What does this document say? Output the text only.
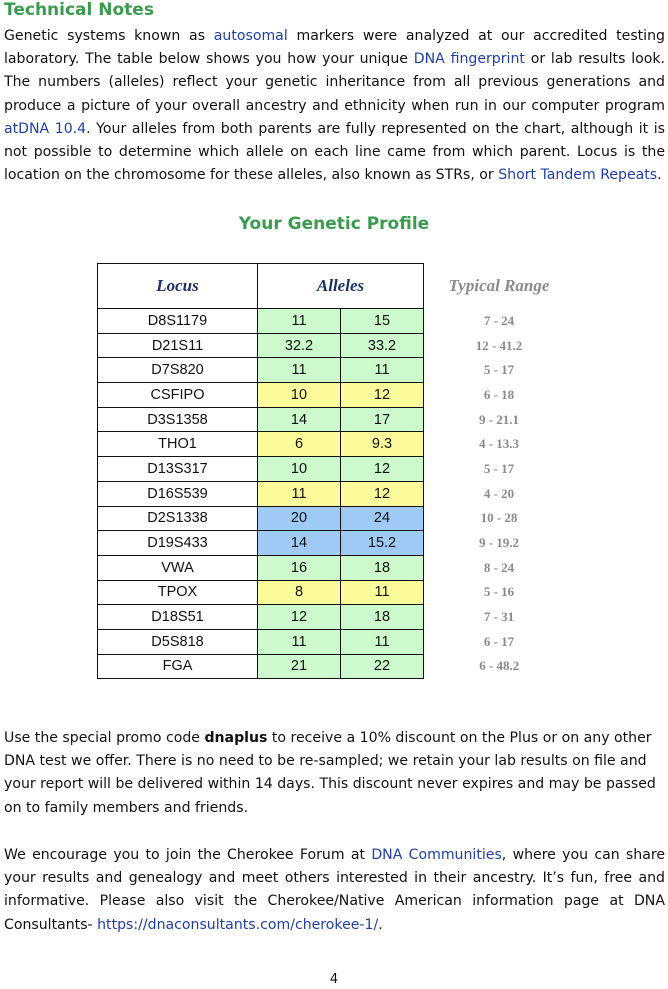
Technical Notes

Genetic systems known as autosomal markers were analyzed at our accredited testing laboratory. The table below shows you how your unique DNA fingerprint or lab results look. The numbers (alleles) reflect your genetic inheritance from all previous generations and produce a picture of your overall ancestry and ethnicity when run in our computer program atDNA 10.4. Your alleles from both parents are fully represented on the chart, although it is not possible to determine which allele on each line came from which parent. Locus is the location on the chromosome for these alleles, also known as STRs, or Short Tandem Repeats.

Your Genetic Profile
Locus	Alleles		Typical Range
D8S1179	11	15	7 - 24
D21S11	32.2	33.2	12 - 41.2
D7S820	11	11	5 - 17
CSFIPO	10	12	6 - 18
D3S1358	14	17	9 - 21.1
THO1	6	9.3	4 - 13.3
D13S317	10	12	5 - 17
D16S539	11	12	4 - 20
D2S1338	20	24	10 - 28
D19S433	14	15.2	9 - 19.2
VWA	16	18	8 - 24
TPOX	8	11	5 - 16
D18S51	12	18	7 - 31
D5S818	11	11	6 - 17
FGA	21	22	6 - 48.2

Use the special promo code dnaplus to receive a 10% discount on the Plus or on any other DNA test we offer. There is no need to be re-sampled; we retain your lab results on file and your report will be delivered within 14 days. This discount never expires and may be passed on to family members and friends.

We encourage you to join the Cherokee Forum at DNA Communities, where you can share your results and genealogy and meet others interested in their ancestry. It’s fun, free and informative. Please also visit the Cherokee/Native American information page at DNA Consultants- https://dnaconsultants.com/cherokee-1/.

4
